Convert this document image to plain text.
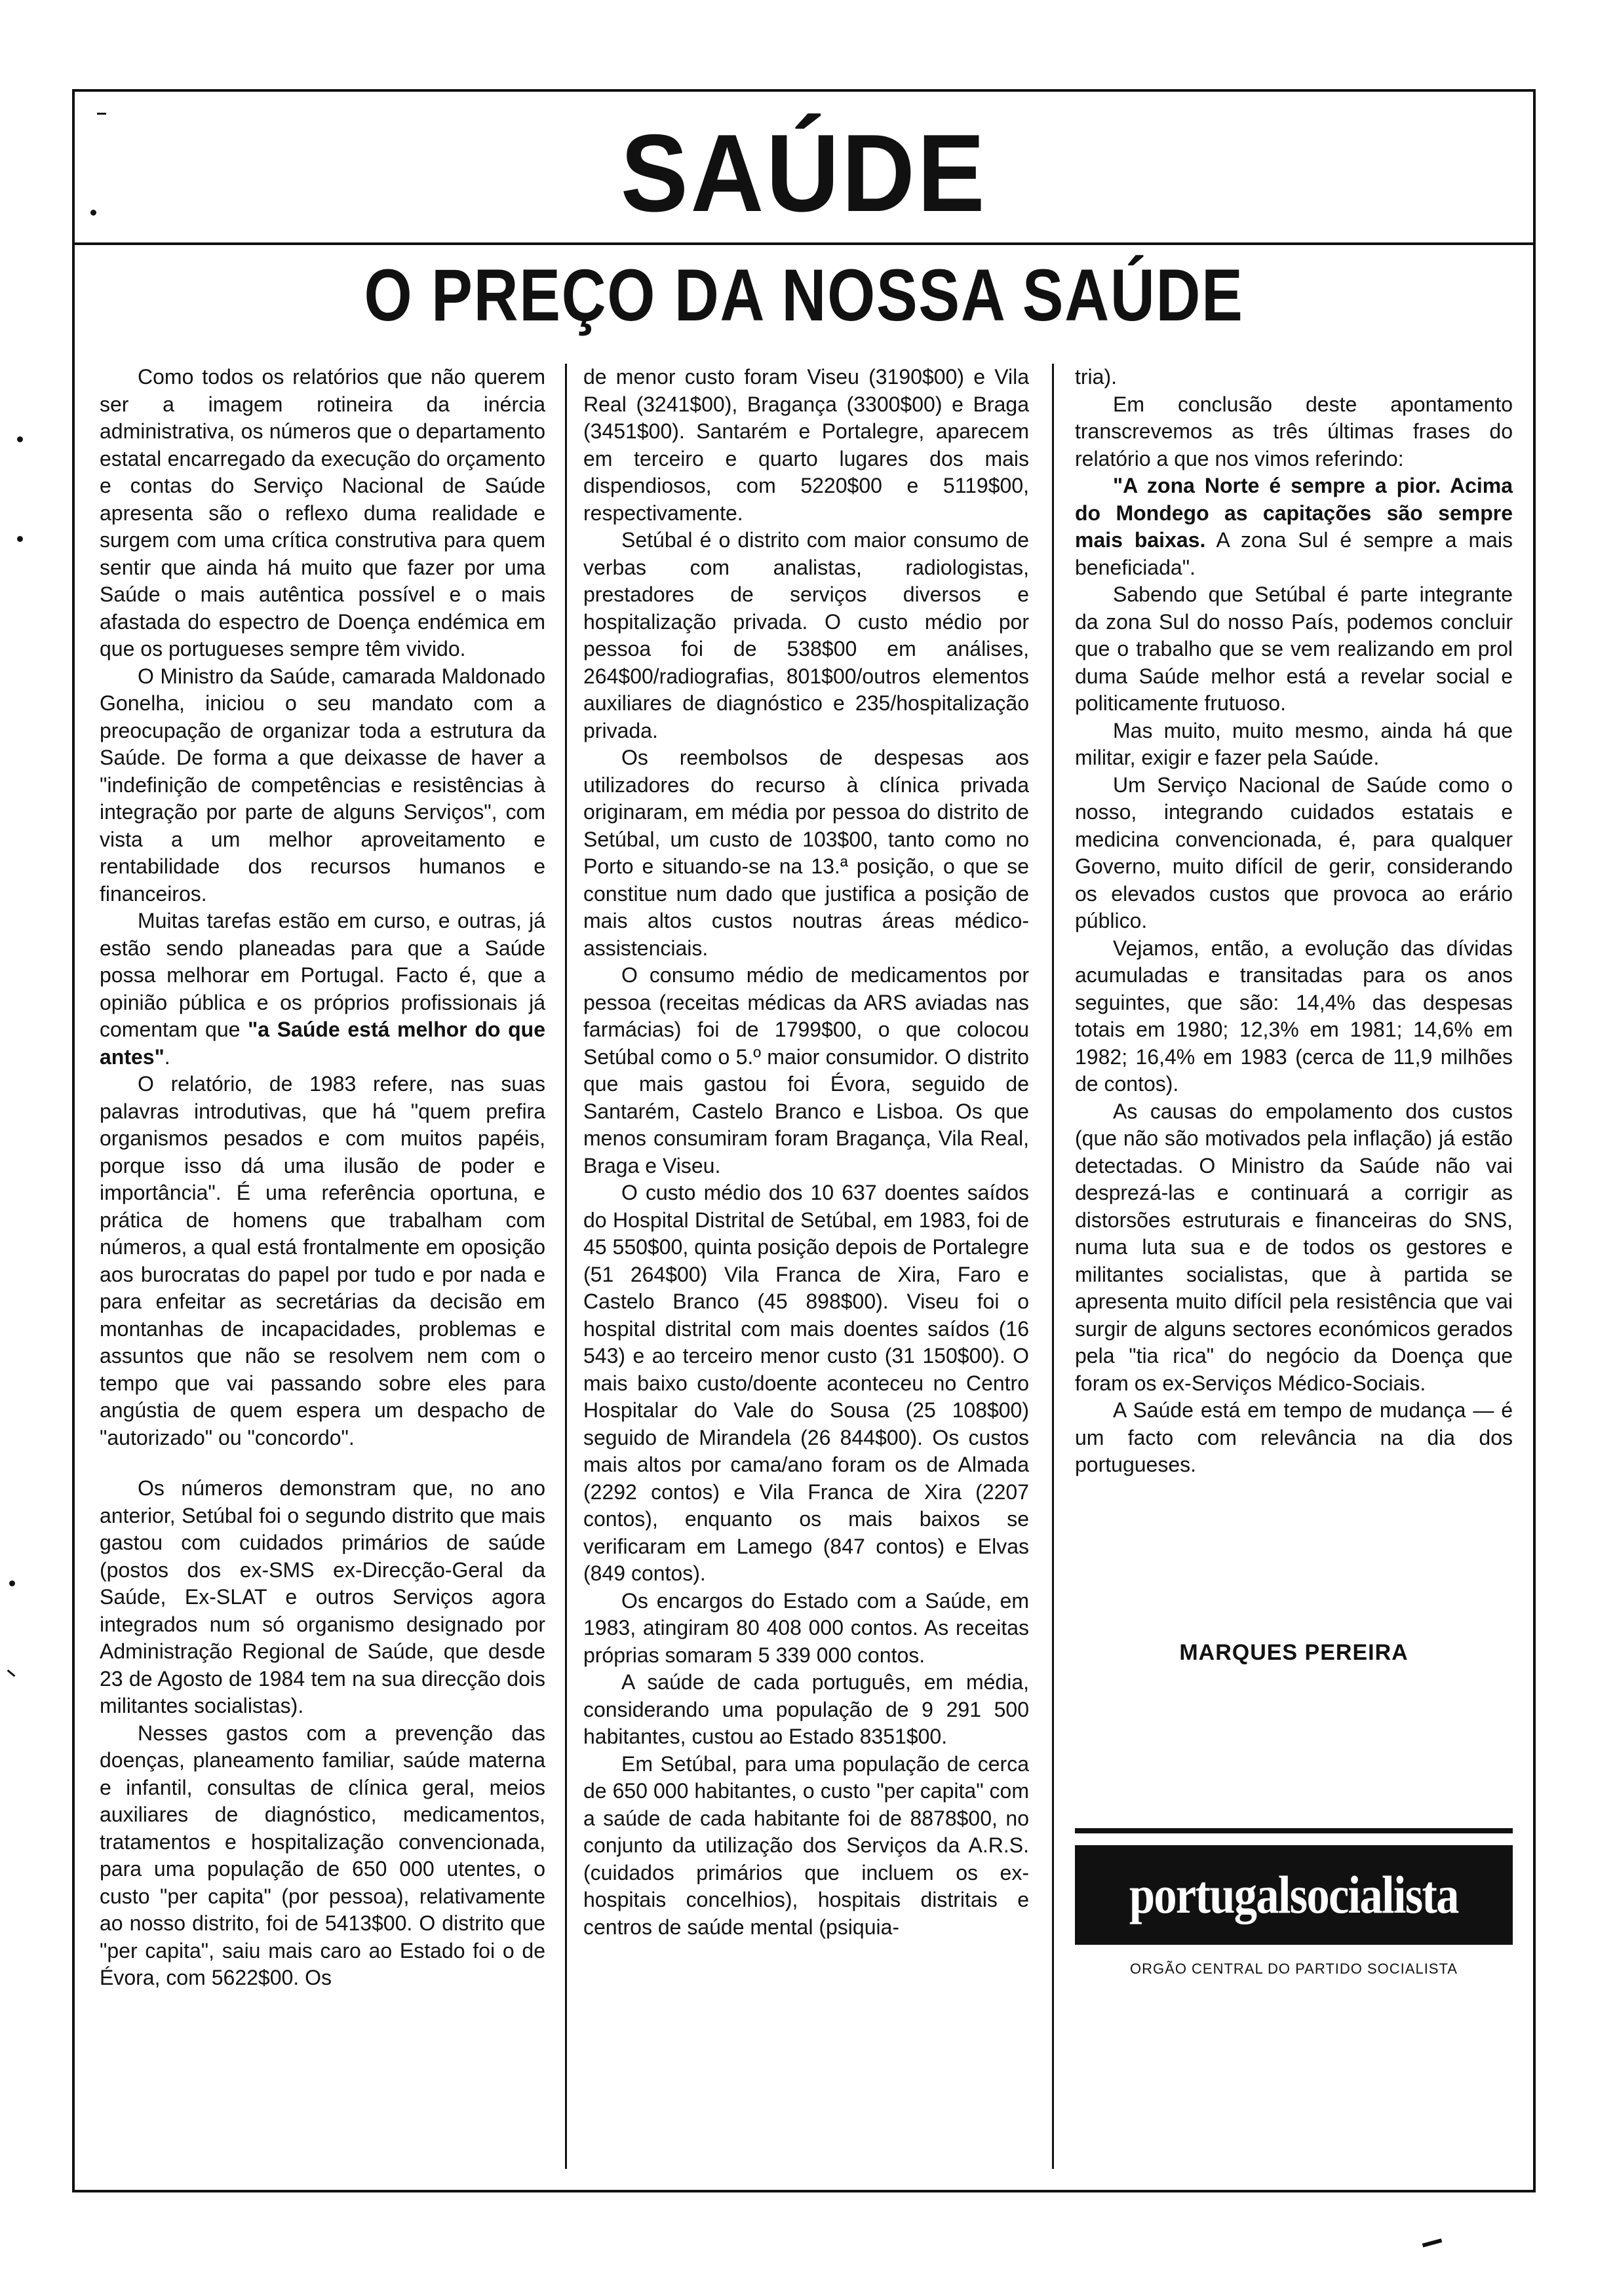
SAÚDE
O PREÇO DA NOSSA SAÚDE

Como todos os relatórios que não querem ser a imagem rotineira da inércia administrativa, os números que o departamento estatal encarregado da execução do orçamento e contas do Serviço Nacional de Saúde apresenta são o reflexo duma realidade e surgem com uma crítica construtiva para quem sentir que ainda há muito que fazer por uma Saúde o mais autêntica possível e o mais afastada do espectro de Doença endémica em que os portugueses sempre têm vivido.

O Ministro da Saúde, camarada Maldonado Gonelha, iniciou o seu mandato com a preocupação de organizar toda a estrutura da Saúde. De forma a que deixasse de haver a "indefinição de competências e resistências à integração por parte de alguns Serviços", com vista a um melhor aproveitamento e rentabilidade dos recursos humanos e financeiros.

Muitas tarefas estão em curso, e outras, já estão sendo planeadas para que a Saúde possa melhorar em Portugal. Facto é, que a opinião pública e os próprios profissionais já comentam que "a Saúde está melhor do que antes".

O relatório, de 1983 refere, nas suas palavras introdutivas, que há "quem prefira organismos pesados e com muitos papéis, porque isso dá uma ilusão de poder e importância". É uma referência oportuna, e prática de homens que trabalham com números, a qual está frontalmente em oposição aos burocratas do papel por tudo e por nada e para enfeitar as secretárias da decisão em montanhas de incapacidades, problemas e assuntos que não se resolvem nem com o tempo que vai passando sobre eles para angústia de quem espera um despacho de "autorizado" ou "concordo".

Os números demonstram que, no ano anterior, Setúbal foi o segundo distrito que mais gastou com cuidados primários de saúde (postos dos ex-SMS ex-Direcção-Geral da Saúde, Ex-SLAT e outros Serviços agora integrados num só organismo designado por Administração Regional de Saúde, que desde 23 de Agosto de 1984 tem na sua direcção dois militantes socialistas).

Nesses gastos com a prevenção das doenças, planeamento familiar, saúde materna e infantil, consultas de clínica geral, meios auxiliares de diagnóstico, medicamentos, tratamentos e hospitalização convencionada, para uma população de 650 000 utentes, o custo "per capita" (por pessoa), relativamente ao nosso distrito, foi de 5413$00. O distrito que "per capita", saiu mais caro ao Estado foi o de Évora, com 5622$00. Os

de menor custo foram Viseu (3190$00) e Vila Real (3241$00), Bragança (3300$00) e Braga (3451$00). Santarém e Portalegre, aparecem em terceiro e quarto lugares dos mais dispendiosos, com 5220$00 e 5119$00, respectivamente.

Setúbal é o distrito com maior consumo de verbas com analistas, radiologistas, prestadores de serviços diversos e hospitalização privada. O custo médio por pessoa foi de 538$00 em análises, 264$00/radiografias, 801$00/outros elementos auxiliares de diagnóstico e 235/hospitalização privada.

Os reembolsos de despesas aos utilizadores do recurso à clínica privada originaram, em média por pessoa do distrito de Setúbal, um custo de 103$00, tanto como no Porto e situando-se na 13.ª posição, o que se constitue num dado que justifica a posição de mais altos custos noutras áreas médico-assistenciais.

O consumo médio de medicamentos por pessoa (receitas médicas da ARS aviadas nas farmácias) foi de 1799$00, o que colocou Setúbal como o 5.º maior consumidor. O distrito que mais gastou foi Évora, seguido de Santarém, Castelo Branco e Lisboa. Os que menos consumiram foram Bragança, Vila Real, Braga e Viseu.

O custo médio dos 10 637 doentes saídos do Hospital Distrital de Setúbal, em 1983, foi de 45 550$00, quinta posição depois de Portalegre (51 264$00) Vila Franca de Xira, Faro e Castelo Branco (45 898$00). Viseu foi o hospital distrital com mais doentes saídos (16 543) e ao terceiro menor custo (31 150$00). O mais baixo custo/doente aconteceu no Centro Hospitalar do Vale do Sousa (25 108$00) seguido de Mirandela (26 844$00). Os custos mais altos por cama/ano foram os de Almada (2292 contos) e Vila Franca de Xira (2207 contos), enquanto os mais baixos se verificaram em Lamego (847 contos) e Elvas (849 contos).

Os encargos do Estado com a Saúde, em 1983, atingiram 80 408 000 contos. As receitas próprias somaram 5 339 000 contos.

A saúde de cada português, em média, considerando uma população de 9 291 500 habitantes, custou ao Estado 8351$00.

Em Setúbal, para uma população de cerca de 650 000 habitantes, o custo "per capita" com a saúde de cada habitante foi de 8878$00, no conjunto da utilização dos Serviços da A.R.S. (cuidados primários que incluem os ex-hospitais concelhios), hospitais distritais e centros de saúde mental (psiquia-

tria).

Em conclusão deste apontamento transcrevemos as três últimas frases do relatório a que nos vimos referindo:

"A zona Norte é sempre a pior. Acima do Mondego as capitações são sempre mais baixas. A zona Sul é sempre a mais beneficiada".

Sabendo que Setúbal é parte integrante da zona Sul do nosso País, podemos concluir que o trabalho que se vem realizando em prol duma Saúde melhor está a revelar social e politicamente frutuoso.

Mas muito, muito mesmo, ainda há que militar, exigir e fazer pela Saúde.

Um Serviço Nacional de Saúde como o nosso, integrando cuidados estatais e medicina convencionada, é, para qualquer Governo, muito difícil de gerir, considerando os elevados custos que provoca ao erário público.

Vejamos, então, a evolução das dívidas acumuladas e transitadas para os anos seguintes, que são: 14,4% das despesas totais em 1980; 12,3% em 1981; 14,6% em 1982; 16,4% em 1983 (cerca de 11,9 milhões de contos).

As causas do empolamento dos custos (que não são motivados pela inflação) já estão detectadas. O Ministro da Saúde não vai desprezá-las e continuará a corrigir as distorsões estruturais e financeiras do SNS, numa luta sua e de todos os gestores e militantes socialistas, que à partida se apresenta muito difícil pela resistência que vai surgir de alguns sectores económicos gerados pela "tia rica" do negócio da Doença que foram os ex-Serviços Médico-Sociais.

A Saúde está em tempo de mudança — é um facto com relevância na dia dos portugueses.

MARQUES PEREIRA
portugalsocialista
ORGÃO CENTRAL DO PARTIDO SOCIALISTA
